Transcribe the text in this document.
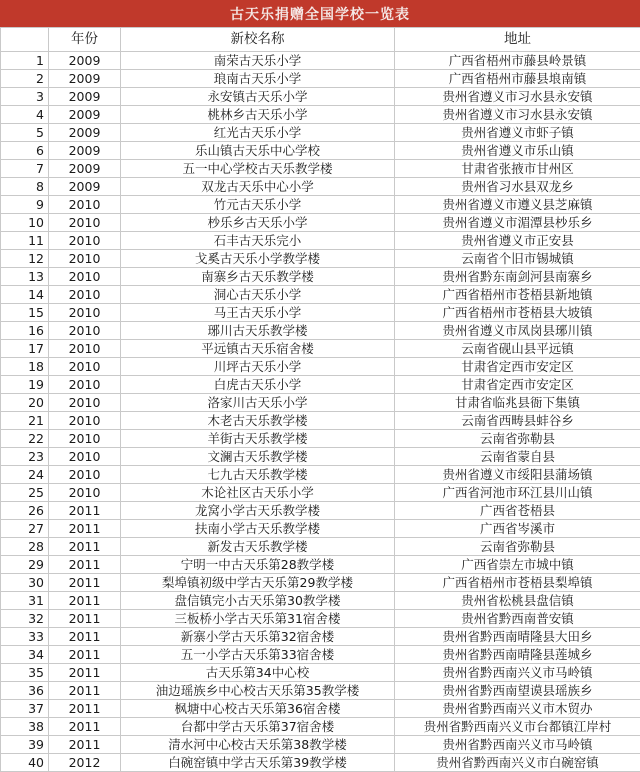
古天乐捐赠全国学校一览表
	年份	新校名称	地址
1	2009	南荣古天乐小学	广西省梧州市藤县岭景镇
2	2009	琅南古天乐小学	广西省梧州市藤县埌南镇
3	2009	永安镇古天乐小学	贵州省遵义市习水县永安镇
4	2009	桃林乡古天乐小学	贵州省遵义市习水县永安镇
5	2009	红光古天乐小学	贵州省遵义市虾子镇
6	2009	乐山镇古天乐中心学校	贵州省遵义市乐山镇
7	2009	五一中心学校古天乐教学楼	甘肃省张掖市甘州区
8	2009	双龙古天乐中心小学	贵州省习水县双龙乡
9	2010	竹元古天乐小学	贵州省遵义市遵义县芝麻镇
10	2010	杪乐乡古天乐小学	贵州省遵义市湄潭县杪乐乡
11	2010	石丰古天乐完小	贵州省遵义市正安县
12	2010	戈奚古天乐小学教学楼	云南省个旧市锡城镇
13	2010	南寨乡古天乐教学楼	贵州省黔东南剑河县南寨乡
14	2010	洞心古天乐小学	广西省梧州市苍梧县新地镇
15	2010	马王古天乐小学	广西省梧州市苍梧县大坡镇
16	2010	琊川古天乐教学楼	贵州省遵义市凤岗县琊川镇
17	2010	平远镇古天乐宿舍楼	云南省砚山县平远镇
18	2010	川坪古天乐小学	甘肃省定西市安定区
19	2010	白虎古天乐小学	甘肃省定西市安定区
20	2010	洛家川古天乐小学	甘肃省临兆县衙下集镇
21	2010	木老古天乐教学楼	云南省西畴县蚌谷乡
22	2010	羊街古天乐教学楼	云南省弥勒县
23	2010	文澜古天乐教学楼	云南省蒙自县
24	2010	七九古天乐教学楼	贵州省遵义市绥阳县蒲场镇
25	2010	木论社区古天乐小学	广西省河池市环江县川山镇
26	2011	龙窝小学古天乐教学楼	广西省苍梧县
27	2011	扶南小学古天乐教学楼	广西省岑溪市
28	2011	新发古天乐教学楼	云南省弥勒县
29	2011	宁明一中古天乐第28教学楼	广西省崇左市城中镇
30	2011	梨埠镇初级中学古天乐第29教学楼	广西省梧州市苍梧县梨埠镇
31	2011	盘信镇完小古天乐第30教学楼	贵州省松桃县盘信镇
32	2011	三板桥小学古天乐第31宿舍楼	贵州省黔西南普安镇
33	2011	新寨小学古天乐第32宿舍楼	贵州省黔西南晴隆县大田乡
34	2011	五一小学古天乐第33宿舍楼	贵州省黔西南晴隆县莲城乡
35	2011	古天乐第34中心校	贵州省黔西南兴义市马岭镇
36	2011	油边瑶族乡中心校古天乐第35教学楼	贵州省黔西南望谟县瑶族乡
37	2011	枫塘中心校古天乐第36宿舍楼	贵州省黔西南兴义市木贸办
38	2011	台都中学古天乐第37宿舍楼	贵州省黔西南兴义市台都镇江岸村
39	2011	清水河中心校古天乐第38教学楼	贵州省黔西南兴义市马岭镇
40	2012	白碗窑镇中学古天乐第39教学楼	贵州省黔西南兴义市白碗窑镇
